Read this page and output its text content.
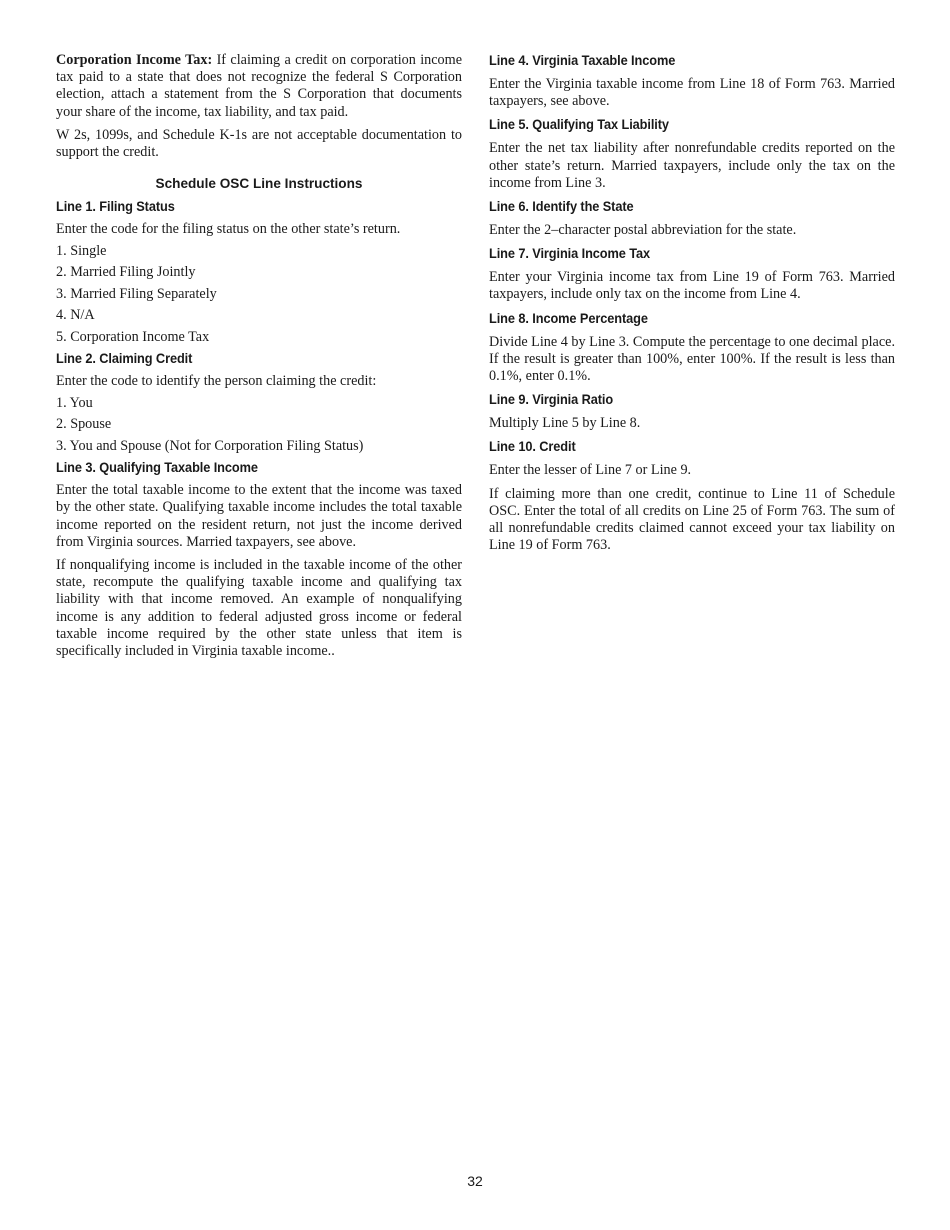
Corporation Income Tax: If claiming a credit on corporation income tax paid to a state that does not recognize the federal S Corporation election, attach a statement from the S Corporation that documents your share of the income, tax liability, and tax paid.

W 2s, 1099s, and Schedule K-1s are not acceptable documentation to support the credit.

Schedule OSC Line Instructions
Line 1. Filing Status

Enter the code for the filing status on the other state’s return.

1. Single

2. Married Filing Jointly

3. Married Filing Separately

4. N/A

5. Corporation Income Tax

Line 2. Claiming Credit

Enter the code to identify the person claiming the credit:

1. You

2. Spouse

3. You and Spouse (Not for Corporation Filing Status)

Line 3. Qualifying Taxable Income

Enter the total taxable income to the extent that the income was taxed by the other state. Qualifying taxable income includes the total taxable income reported on the resident return, not just the income derived from Virginia sources. Married taxpayers, see above.

If nonqualifying income is included in the taxable income of the other state, recompute the qualifying taxable income and qualifying tax liability with that income removed. An example of nonqualifying income is any addition to federal adjusted gross income or federal taxable income required by the other state unless that item is specifically included in Virginia taxable income..

Line 4. Virginia Taxable Income

Enter the Virginia taxable income from Line 18 of Form 763. Married taxpayers, see above.

Line 5. Qualifying Tax Liability

Enter the net tax liability after nonrefundable credits reported on the other state’s return. Married taxpayers, include only the tax on the income from Line 3.

Line 6. Identify the State

Enter the 2–character postal abbreviation for the state.

Line 7. Virginia Income Tax

Enter your Virginia income tax from Line 19 of Form 763. Married taxpayers, include only tax on the income from Line 4.

Line 8. Income Percentage

Divide Line 4 by Line 3. Compute the percentage to one decimal place. If the result is greater than 100%, enter 100%. If the result is less than 0.1%, enter 0.1%.

Line 9. Virginia Ratio

Multiply Line 5 by Line 8.

Line 10. Credit

Enter the lesser of Line 7 or Line 9.

If claiming more than one credit, continue to Line 11 of Schedule OSC. Enter the total of all credits on Line 25 of Form 763. The sum of all nonrefundable credits claimed cannot exceed your tax liability on Line 19 of Form 763.

32
